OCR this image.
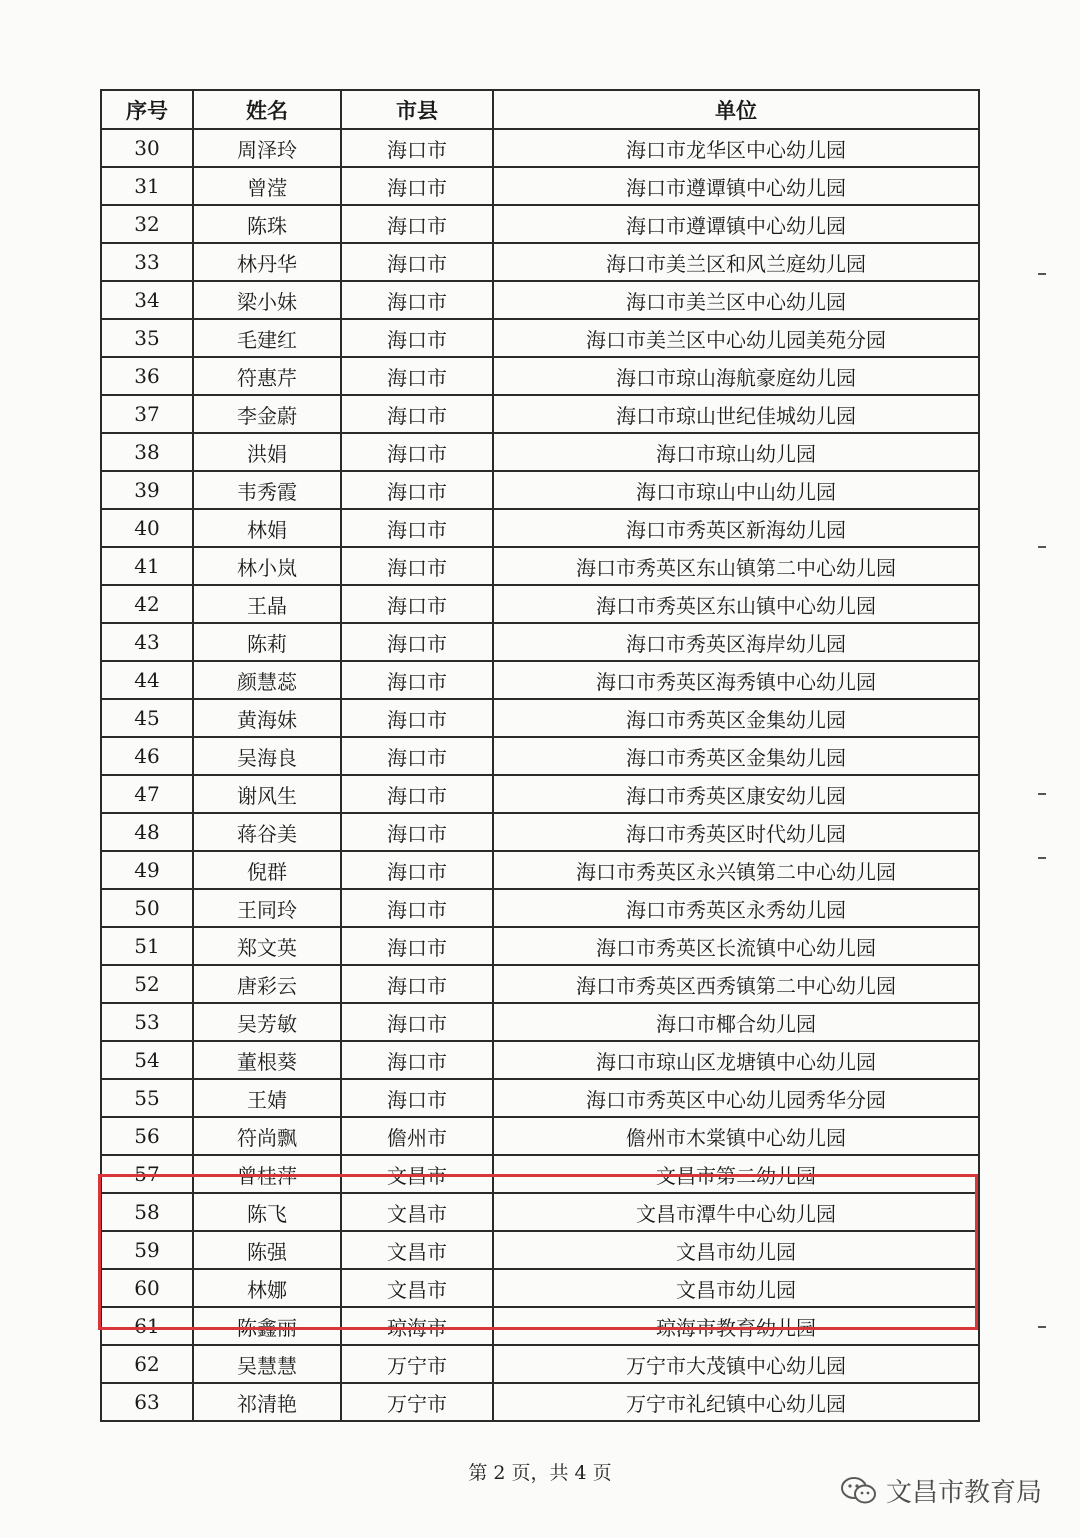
序号	姓名	市县	单位
30	周泽玲	海口市	海口市龙华区中心幼儿园
31	曾滢	海口市	海口市遵谭镇中心幼儿园
32	陈珠	海口市	海口市遵谭镇中心幼儿园
33	林丹华	海口市	海口市美兰区和风兰庭幼儿园
34	梁小妹	海口市	海口市美兰区中心幼儿园
35	毛建红	海口市	海口市美兰区中心幼儿园美苑分园
36	符惠芹	海口市	海口市琼山海航豪庭幼儿园
37	李金蔚	海口市	海口市琼山世纪佳城幼儿园
38	洪娟	海口市	海口市琼山幼儿园
39	韦秀霞	海口市	海口市琼山中山幼儿园
40	林娟	海口市	海口市秀英区新海幼儿园
41	林小岚	海口市	海口市秀英区东山镇第二中心幼儿园
42	王晶	海口市	海口市秀英区东山镇中心幼儿园
43	陈莉	海口市	海口市秀英区海岸幼儿园
44	颜慧蕊	海口市	海口市秀英区海秀镇中心幼儿园
45	黄海妹	海口市	海口市秀英区金集幼儿园
46	吴海良	海口市	海口市秀英区金集幼儿园
47	谢风生	海口市	海口市秀英区康安幼儿园
48	蒋谷美	海口市	海口市秀英区时代幼儿园
49	倪群	海口市	海口市秀英区永兴镇第二中心幼儿园
50	王同玲	海口市	海口市秀英区永秀幼儿园
51	郑文英	海口市	海口市秀英区长流镇中心幼儿园
52	唐彩云	海口市	海口市秀英区西秀镇第二中心幼儿园
53	吴芳敏	海口市	海口市椰合幼儿园
54	董根葵	海口市	海口市琼山区龙塘镇中心幼儿园
55	王婧	海口市	海口市秀英区中心幼儿园秀华分园
56	符尚飘	儋州市	儋州市木棠镇中心幼儿园
57	曾桂萍	文昌市	文昌市第二幼儿园
58	陈飞	文昌市	文昌市潭牛中心幼儿园
59	陈强	文昌市	文昌市幼儿园
60	林娜	文昌市	文昌市幼儿园
61	陈鑫丽	琼海市	琼海市教育幼儿园
62	吴慧慧	万宁市	万宁市大茂镇中心幼儿园
63	祁清艳	万宁市	万宁市礼纪镇中心幼儿园
第 2 页，共 4 页
文昌市教育局
